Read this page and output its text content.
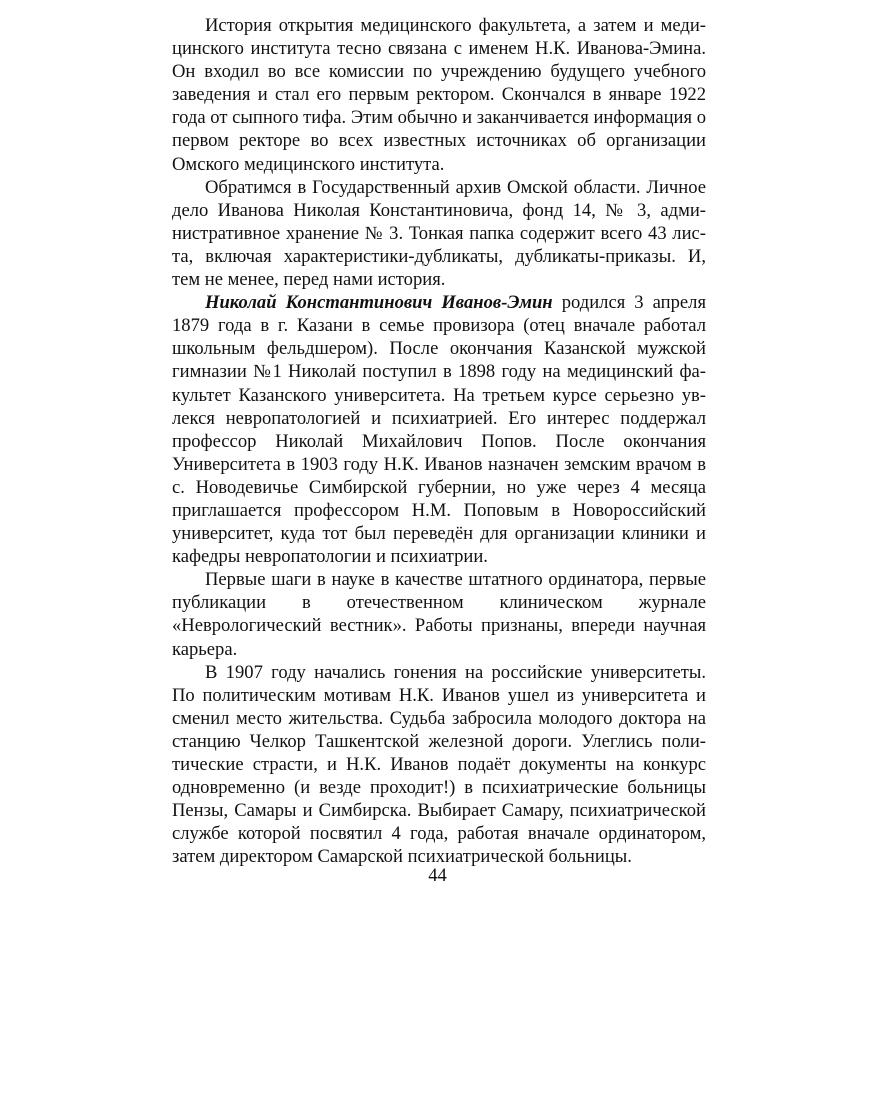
История открытия медицинского факультета, а затем и медицинского института тесно связана с именем Н.К. Иванова-Эмина. Он входил во все комиссии по учреждению будущего учебного заведения и стал его первым ректором. Скончался в январе 1922 года от сыпного тифа. Этим обычно и заканчивается информация о первом ректоре во всех известных источниках об организации Омского медицинского института.

Обратимся в Государственный архив Омской области. Личное дело Иванова Николая Константиновича, фонд 14, № 3, административное хранение № 3. Тонкая папка содержит всего 43 листа, включая характеристики-дубликаты, дубликаты-приказы. И, тем не менее, перед нами история.

Николай Константинович Иванов-Эмин родился 3 апреля 1879 года в г. Казани в семье провизора (отец вначале работал школьным фельдшером). После окончания Казанской мужской гимназии №1 Николай поступил в 1898 году на медицинский факультет Казанского университета. На третьем курсе серьезно увлекся невропатологией и психиатрией. Его интерес поддержал профессор Николай Михайлович Попов. После окончания Университета в 1903 году Н.К. Иванов назначен земским врачом в с. Новодевичье Симбирской губернии, но уже через 4 месяца приглашается профессором Н.М. Поповым в Новороссийский университет, куда тот был переведён для организации клиники и кафедры невропатологии и психиатрии.

Первые шаги в науке в качестве штатного ординатора, первые публикации в отечественном клиническом журнале «Неврологический вестник». Работы признаны, впереди научная карьера.

В 1907 году начались гонения на российские университеты. По политическим мотивам Н.К. Иванов ушел из университета и сменил место жительства. Судьба забросила молодого доктора на станцию Челкор Ташкентской железной дороги. Улеглись политические страсти, и Н.К. Иванов подаёт документы на конкурс одновременно (и везде проходит!) в психиатрические больницы Пензы, Самары и Симбирска. Выбирает Самару, психиатрической службе которой посвятил 4 года, работая вначале ординатором, затем директором Самарской психиатрической больницы.

44
